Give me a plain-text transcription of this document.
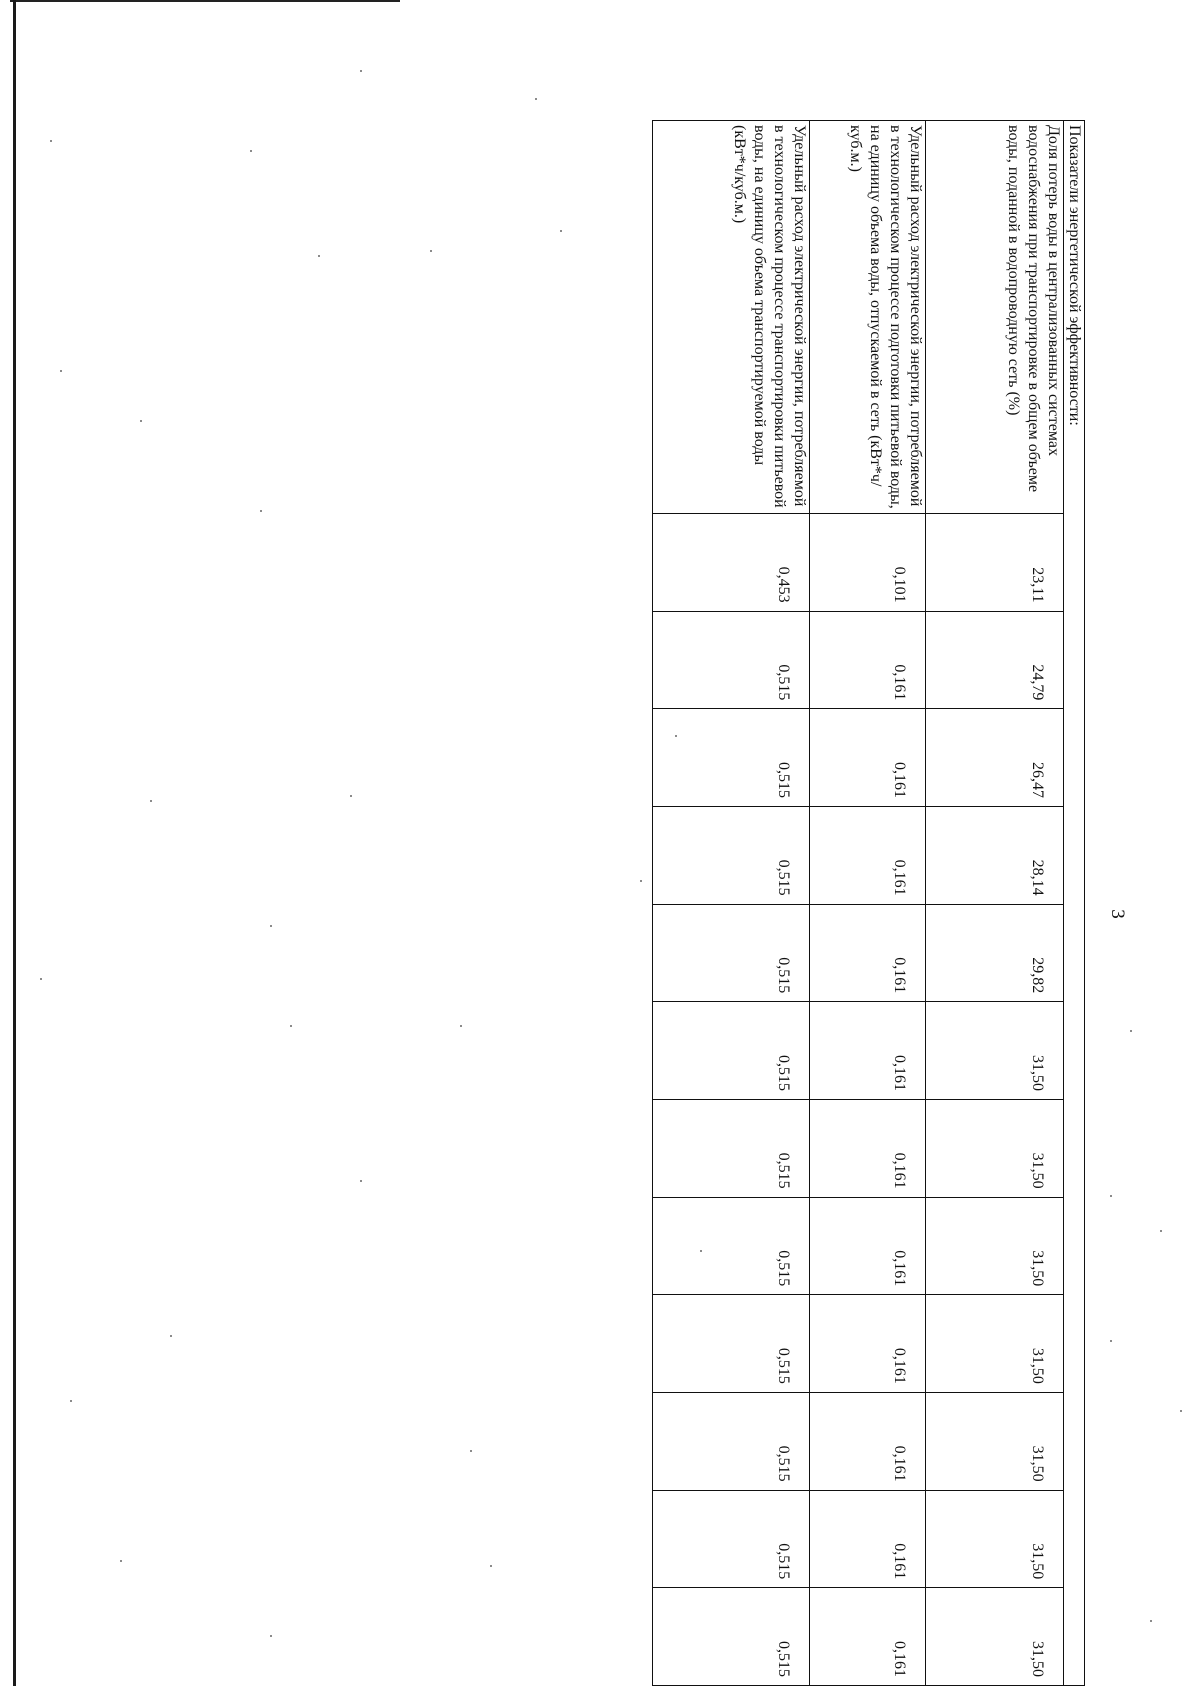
3
Показатели энергетической эффективности:												
Доля потерь воды в централизованных системах водоснабжения при транспортировке в общем объеме воды, поданной в водопроводную сеть (%)	23,11	24,79	26,47	28,14	29,82	31,50	31,50	31,50	31,50	31,50	31,50	31,50
Удельный расход электрической энергии, потребляемой в технологическом процессе подготовки питьевой воды, на единицу объема воды, отпускаемой в сеть (кВт*ч/куб.м.)	0,101	0,161	0,161	0,161	0,161	0,161	0,161	0,161	0,161	0,161	0,161	0,161
Удельный расход электрической энергии, потребляемой в технологическом процессе транспортировки питьевой воды, на единицу объема транспортируемой воды (кВт*ч/куб.м.)	0,453	0,515	0,515	0,515	0,515	0,515	0,515	0,515	0,515	0,515	0,515	0,515
